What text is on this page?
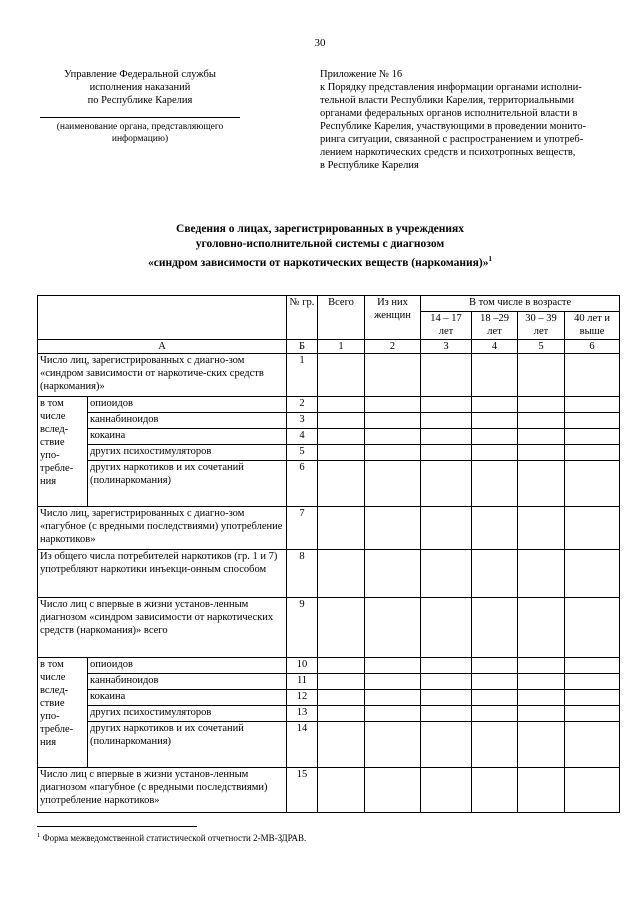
30
Управление Федеральной службы
исполнения наказаний
по Республике Карелия
(наименование органа, представляющего
информацию)
Приложение № 16
к Порядку представления информации органами исполни-
тельной власти Республики Карелия, территориальными
органами федеральных органов исполнительной власти в
Республике Карелия, участвующими в проведении монито-
ринга ситуации, связанной с распространением и употреб-
лением наркотических средств и психотропных веществ,
в Республике Карелия
Сведения о лицах, зарегистрированных в учреждениях
уголовно-исполнительной системы с диагнозом
«синдром зависимости от наркотических веществ (наркомания)»$^1$
		№ гр.	Всего	Из них женщин	В том числе в возрасте			
					14 – 17 лет	18 –29 лет	30 – 39 лет	40 лет и выше
А		Б	1	2	3	4	5	6
Число лиц, зарегистрированных с диагно-зом «синдром зависимости от наркотиче-ских средств (наркомания)»		1						
в том числе вслед-ствие упо-требле-ния	опиоидов	2						
	каннабиноидов	3						
	кокаина	4						
	других психостимуляторов	5						
	других наркотиков и их сочетаний (полинаркомания)	6						
Число лиц, зарегистрированных с диагно-зом «пагубное (с вредными последствиями) употребление наркотиков»		7						
Из общего числа потребителей наркотиков (гр. 1 и 7) употребляют наркотики инъекци-онным способом		8						
Число лиц с впервые в жизни установ-ленным диагнозом «синдром зависимости от наркотических средств (наркомания)» всего		9						
в том числе вслед-ствие упо-требле-ния	опиоидов	10						
	каннабиноидов	11						
	кокаина	12						
	других психостимуляторов	13						
	других наркотиков и их сочетаний (полинаркомания)	14						
Число лиц с впервые в жизни установ-ленным диагнозом «пагубное (с вредными последствиями) употребление наркотиков»		15						
$^1$ Форма межведомственной статистической отчетности 2-МВ-ЗДРАВ.
